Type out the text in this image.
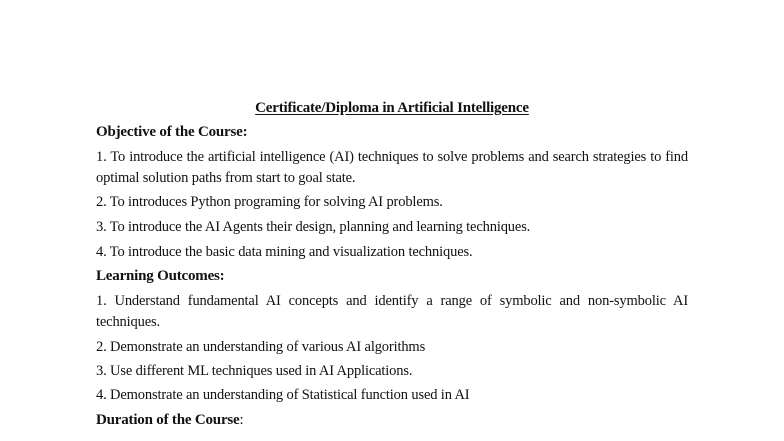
Certificate/Diploma in Artificial Intelligence
Objective of the Course:
1. To introduce the artificial intelligence (AI) techniques to solve problems and search strategies to find optimal solution paths from start to goal state.
2. To introduces Python programing for solving AI problems.
3. To introduce the AI Agents their design, planning and learning techniques.
4. To introduce the basic data mining and visualization techniques.
Learning Outcomes:
1. Understand fundamental AI concepts and identify a range of symbolic and non-symbolic AI techniques.
2. Demonstrate an understanding of various AI algorithms
3. Use different ML techniques used in AI Applications.
4. Demonstrate an understanding of Statistical function used in AI
Duration of the Course:
